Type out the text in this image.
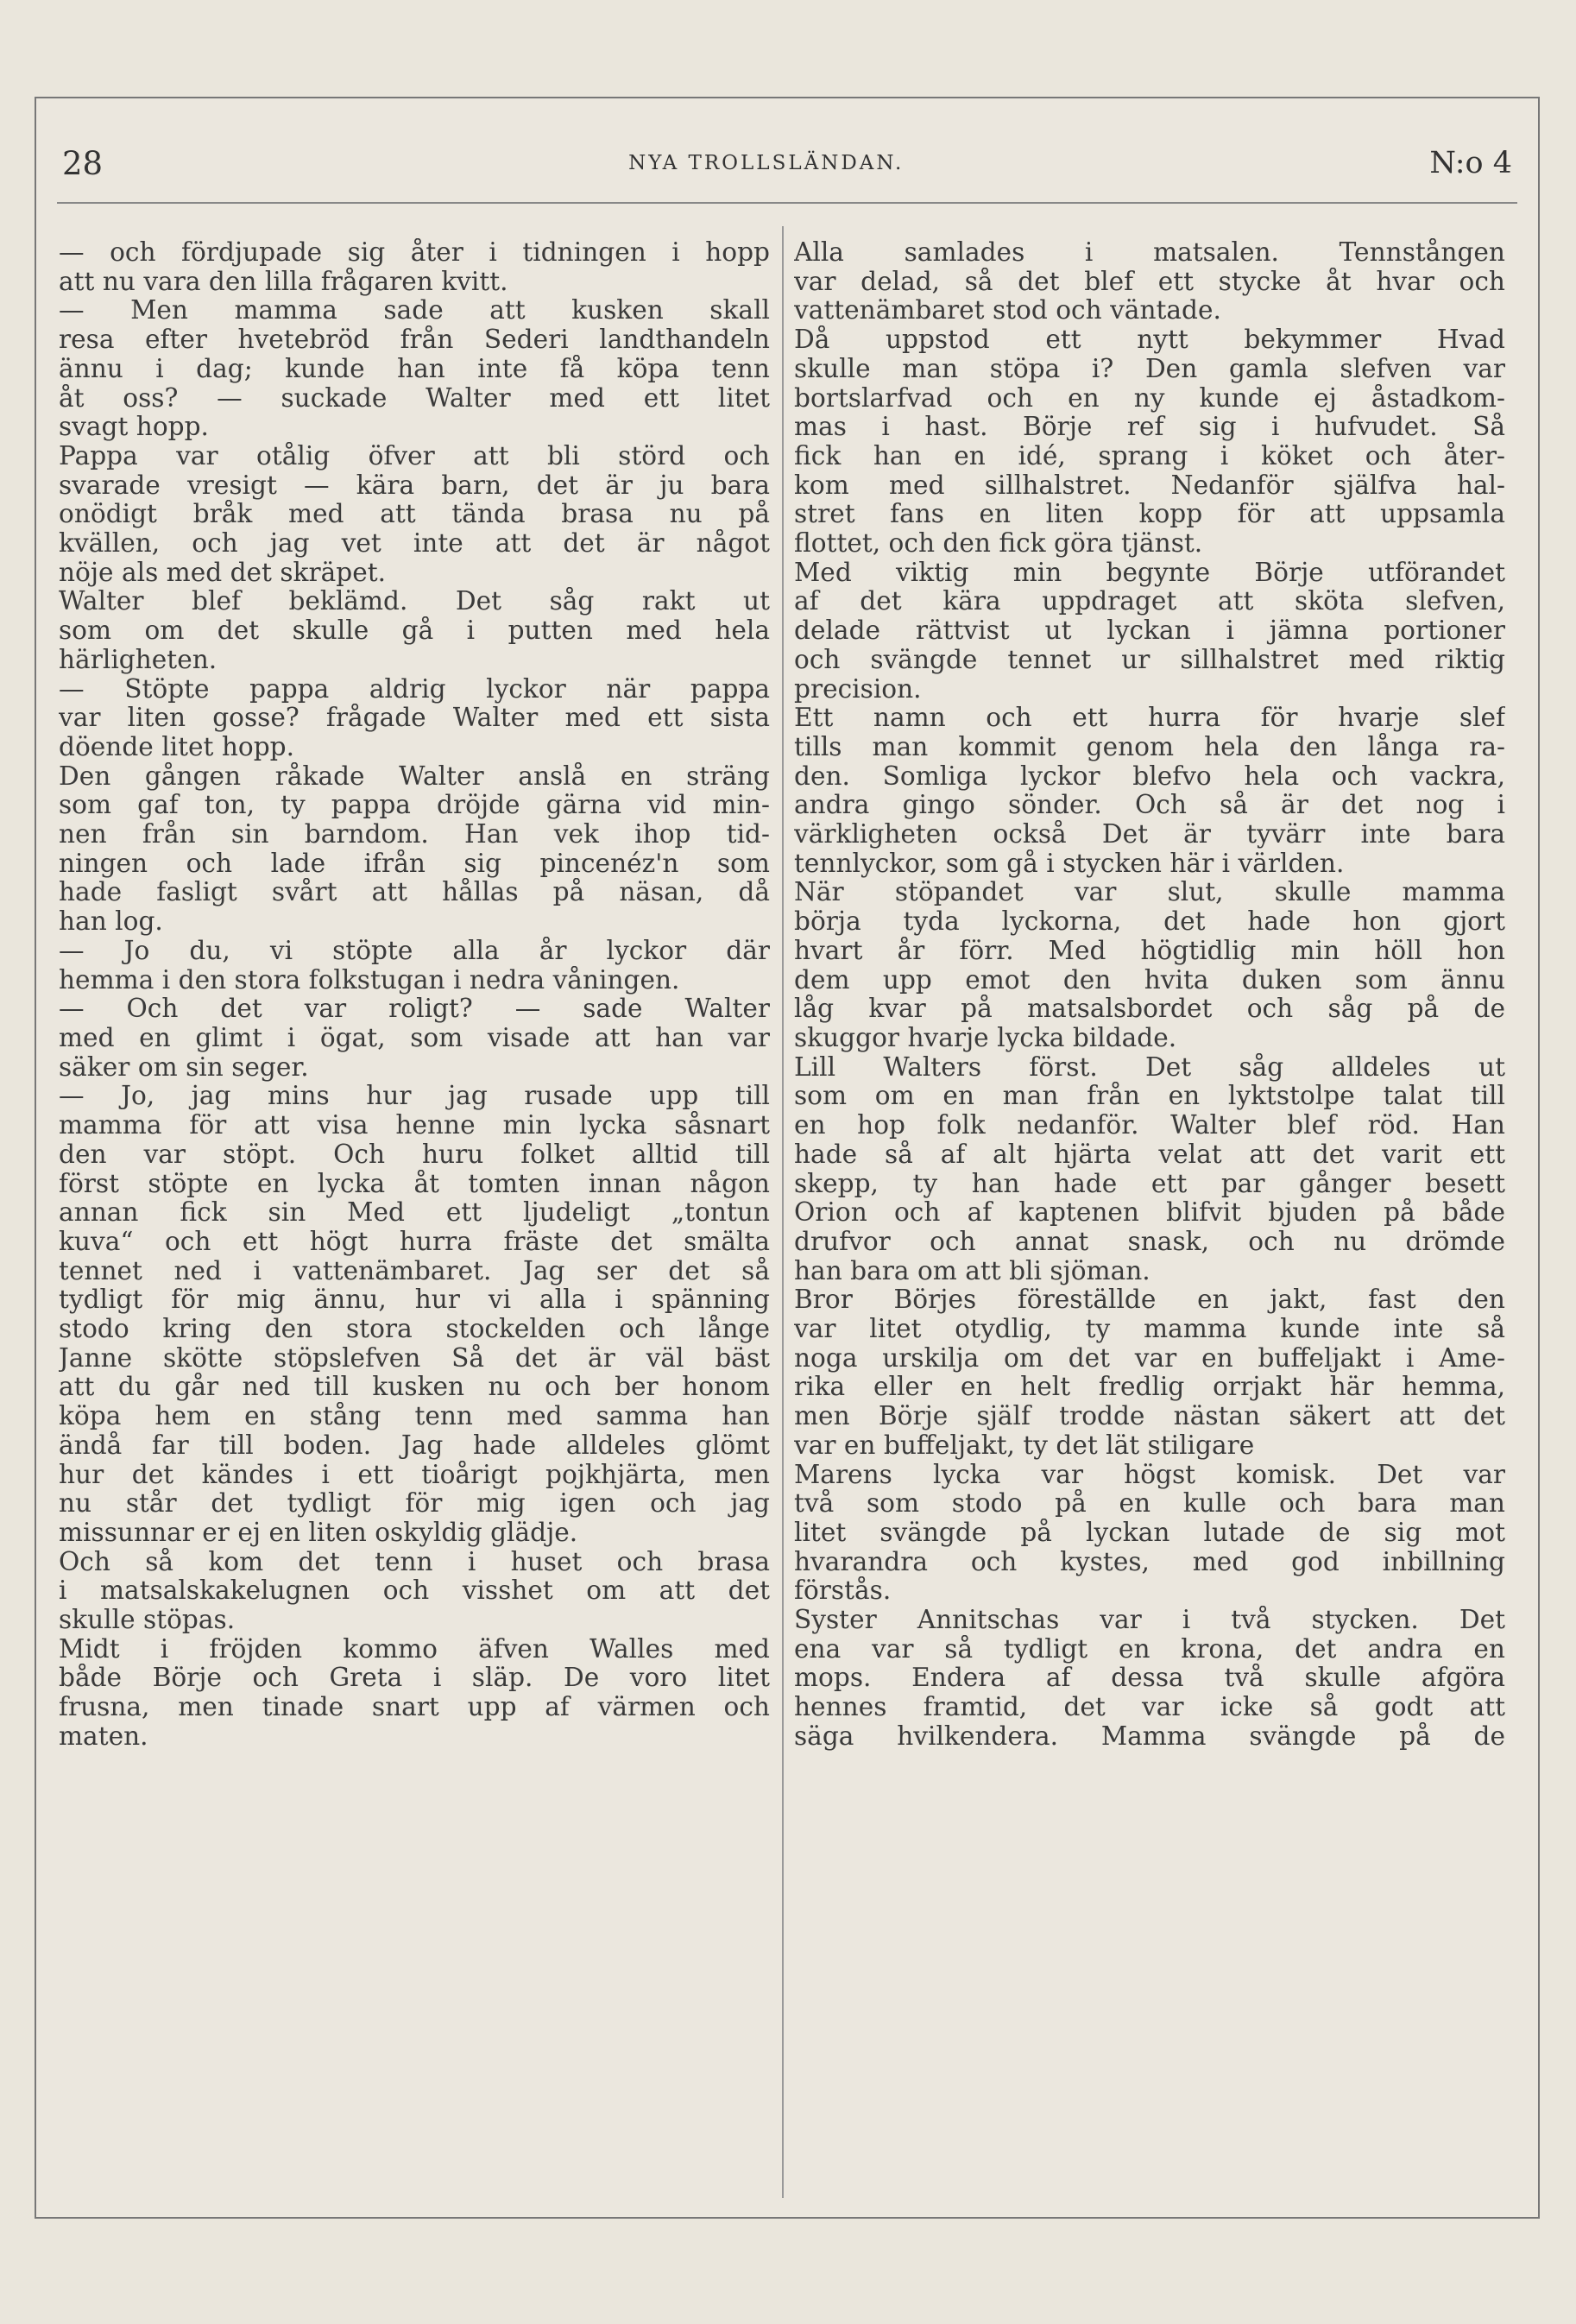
28	NYA TROLLSLÄNDAN.	N:o 4
— och fördjupade sig åter i tidningen i hopp
att nu vara den lilla frågaren kvitt.
— Men mamma sade att kusken skall
resa efter hvetebröd från Sederi landthandeln
ännu i dag; kunde han inte få köpa tenn
åt oss? — suckade Walter med ett litet
svagt hopp.
Pappa var otålig öfver att bli störd och
svarade vresigt — kära barn, det är ju bara
onödigt bråk med att tända brasa nu på
kvällen, och jag vet inte att det är något
nöje als med det skräpet.
Walter blef beklämd. Det såg rakt ut
som om det skulle gå i putten med hela
härligheten.
— Stöpte pappa aldrig lyckor när pappa
var liten gosse? frågade Walter med ett sista
döende litet hopp.
Den gången råkade Walter anslå en sträng
som gaf ton, ty pappa dröjde gärna vid min-
nen från sin barndom. Han vek ihop tid-
ningen och lade ifrån sig pincenéz'n som
hade fasligt svårt att hållas på näsan, då
han log.
— Jo du, vi stöpte alla år lyckor där
hemma i den stora folkstugan i nedra våningen.
— Och det var roligt? — sade Walter
med en glimt i ögat, som visade att han var
säker om sin seger.
— Jo, jag mins hur jag rusade upp till
mamma för att visa henne min lycka såsnart
den var stöpt. Och huru folket alltid till
först stöpte en lycka åt tomten innan någon
annan fick sin Med ett ljudeligt „tontun
kuva“ och ett högt hurra fräste det smälta
tennet ned i vattenämbaret. Jag ser det så
tydligt för mig ännu, hur vi alla i spänning
stodo kring den stora stockelden och långe
Janne skötte stöpslefven Så det är väl bäst
att du går ned till kusken nu och ber honom
köpa hem en stång tenn med samma han
ändå far till boden. Jag hade alldeles glömt
hur det kändes i ett tioårigt pojkhjärta, men
nu står det tydligt för mig igen och jag
missunnar er ej en liten oskyldig glädje.
Och så kom det tenn i huset och brasa
i matsalskakelugnen och visshet om att det
skulle stöpas.
Midt i fröjden kommo äfven Walles med
både Börje och Greta i släp. De voro litet
frusna, men tinade snart upp af värmen och
maten.
Alla samlades i matsalen. Tennstången
var delad, så det blef ett stycke åt hvar och
vattenämbaret stod och väntade.
Då uppstod ett nytt bekymmer Hvad
skulle man stöpa i? Den gamla slefven var
bortslarfvad och en ny kunde ej åstadkom-
mas i hast. Börje ref sig i hufvudet. Så
fick han en idé, sprang i köket och åter-
kom med sillhalstret. Nedanför själfva hal-
stret fans en liten kopp för att uppsamla
flottet, och den fick göra tjänst.
Med viktig min begynte Börje utförandet
af det kära uppdraget att sköta slefven,
delade rättvist ut lyckan i jämna portioner
och svängde tennet ur sillhalstret med riktig
precision.
Ett namn och ett hurra för hvarje slef
tills man kommit genom hela den långa ra-
den. Somliga lyckor blefvo hela och vackra,
andra gingo sönder. Och så är det nog i
värkligheten också Det är tyvärr inte bara
tennlyckor, som gå i stycken här i världen.
När stöpandet var slut, skulle mamma
börja tyda lyckorna, det hade hon gjort
hvart år förr. Med högtidlig min höll hon
dem upp emot den hvita duken som ännu
låg kvar på matsalsbordet och såg på de
skuggor hvarje lycka bildade.
Lill Walters först. Det såg alldeles ut
som om en man från en lyktstolpe talat till
en hop folk nedanför. Walter blef röd. Han
hade så af alt hjärta velat att det varit ett
skepp, ty han hade ett par gånger besett
Orion och af kaptenen blifvit bjuden på både
drufvor och annat snask, och nu drömde
han bara om att bli sjöman.
Bror Börjes föreställde en jakt, fast den
var litet otydlig, ty mamma kunde inte så
noga urskilja om det var en buffeljakt i Ame-
rika eller en helt fredlig orrjakt här hemma,
men Börje själf trodde nästan säkert att det
var en buffeljakt, ty det lät stiligare
Marens lycka var högst komisk. Det var
två som stodo på en kulle och bara man
litet svängde på lyckan lutade de sig mot
hvarandra och kystes, med god inbillning
förstås.
Syster Annitschas var i två stycken. Det
ena var så tydligt en krona, det andra en
mops. Endera af dessa två skulle afgöra
hennes framtid, det var icke så godt att
säga hvilkendera. Mamma svängde på de
